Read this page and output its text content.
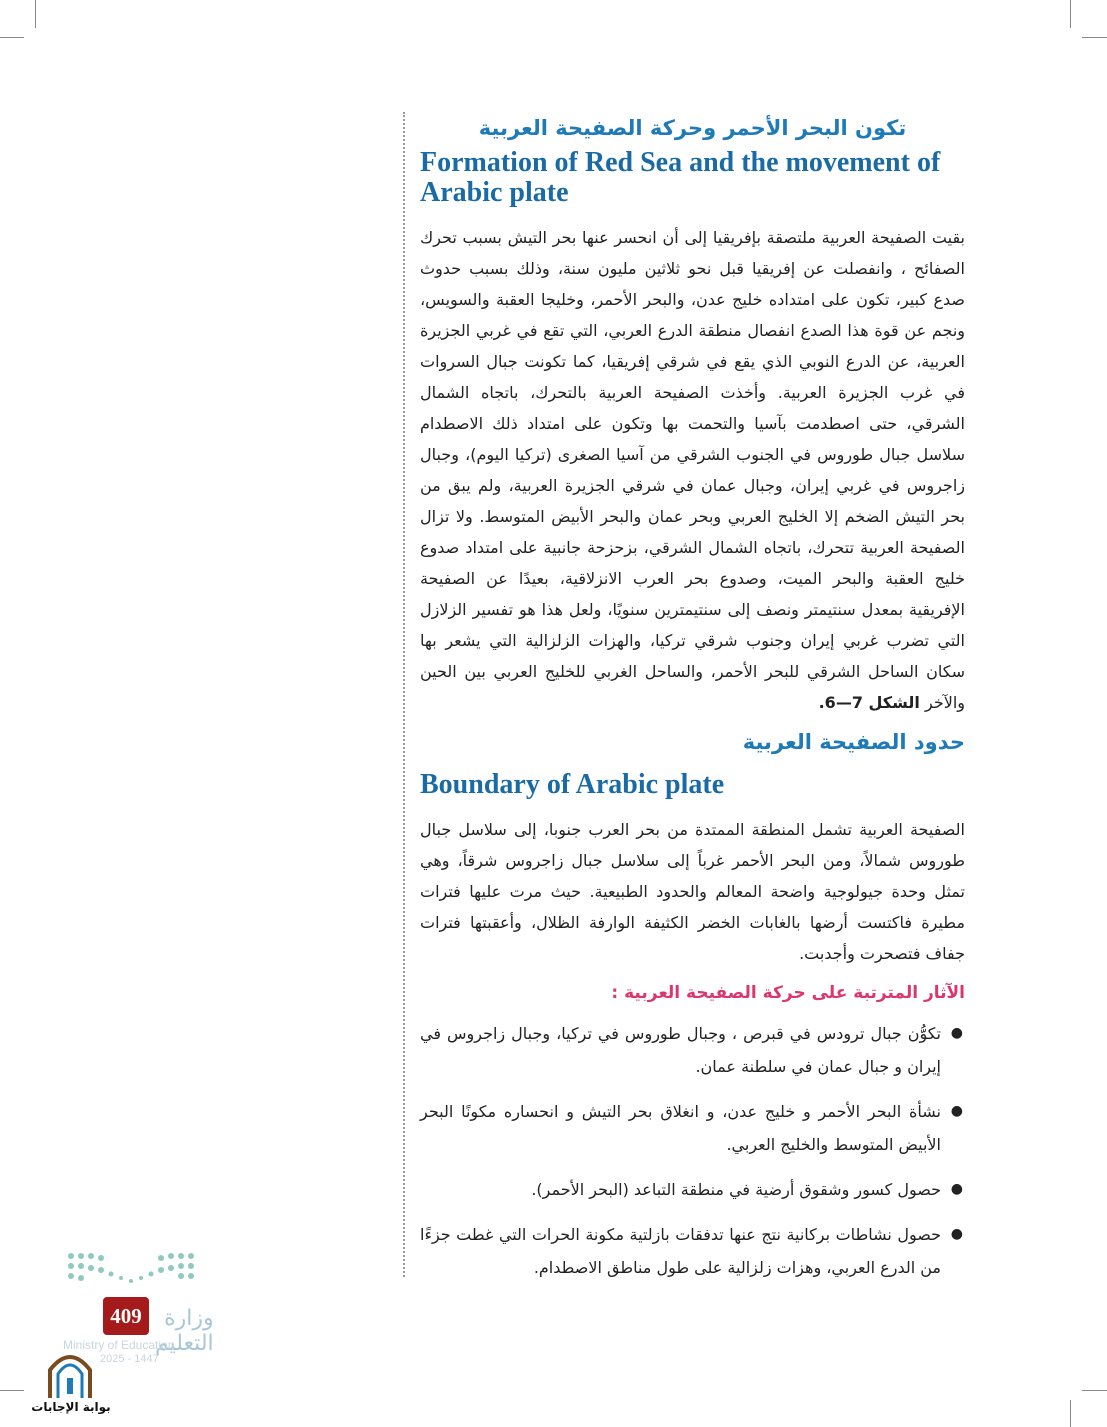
تكون البحر الأحمر وحركة الصفيحة العربية
Formation of Red Sea and the movement of Arabic plate

بقيت الصفيحة العربية ملتصقة بإفريقيا إلى أن انحسر عنها بحر التيش بسبب تحرك الصفائح ، وانفصلت عن إفريقيا قبل نحو ثلاثين مليون سنة، وذلك بسبب حدوث صدع كبير، تكون على امتداده خليج عدن، والبحر الأحمر، وخليجا العقبة والسويس، ونجم عن قوة هذا الصدع انفصال منطقة الدرع العربي، التي تقع في غربي الجزيرة العربية، عن الدرع النوبي الذي يقع في شرقي إفريقيا، كما تكونت جبال السروات في غرب الجزيرة العربية. وأخذت الصفيحة العربية بالتحرك، باتجاه الشمال الشرقي، حتى اصطدمت بآسيا والتحمت بها وتكون على امتداد ذلك الاصطدام سلاسل جبال طوروس في الجنوب الشرقي من آسيا الصغرى (تركيا اليوم)، وجبال زاجروس في غربي إيران، وجبال عمان في شرقي الجزيرة العربية، ولم يبق من بحر التيش الضخم إلا الخليج العربي وبحر عمان والبحر الأبيض المتوسط. ولا تزال الصفيحة العربية تتحرك، باتجاه الشمال الشرقي، بزحزحة جانبية على امتداد صدوع خليج العقبة والبحر الميت، وصدوع بحر العرب الانزلاقية، بعيدًا عن الصفيحة الإفريقية بمعدل سنتيمتر ونصف إلى سنتيمترين سنويًا، ولعل هذا هو تفسير الزلازل التي تضرب غربي إيران وجنوب شرقي تركيا، والهزات الزلزالية التي يشعر بها سكان الساحل الشرقي للبحر الأحمر، والساحل الغربي للخليج العربي بين الحين والآخر الشكل 7—6.

حدود الصفيحة العربية
Boundary of Arabic plate

الصفيحة العربية تشمل المنطقة الممتدة من بحر العرب جنوبا، إلى سلاسل جبال طوروس شمالاً، ومن البحر الأحمر غرباً إلى سلاسل جبال زاجروس شرقاً، وهي تمثل وحدة جيولوجية واضحة المعالم والحدود الطبيعية. حيث مرت عليها فترات مطيرة فاكتست أرضها بالغابات الخضر الكثيفة الوارفة الظلال، وأعقبتها فترات جفاف فتصحرت وأجدبت.

الآثار المترتبة على حركة الصفيحة العربية :
●
تكوُّن جبال ترودس في قبرص ، وجبال طوروس في تركيا، وجبال زاجروس في إيران و جبال عمان في سلطنة عمان.
●
نشأة البحر الأحمر و خليج عدن، و انغلاق بحر التيش و انحساره مكونًا البحر الأبيض المتوسط والخليج العربي.
●
حصول كسور وشقوق أرضية في منطقة التباعد (البحر الأحمر).
●
حصول نشاطات بركانية نتج عنها تدفقات بازلتية مكونة الحرات التي غطت جزءًا من الدرع العربي، وهزات زلزالية على طول مناطق الاصطدام.
409	وزارة التعليم
Ministry of Education
2025 - 1447
بوابة الإجابات
